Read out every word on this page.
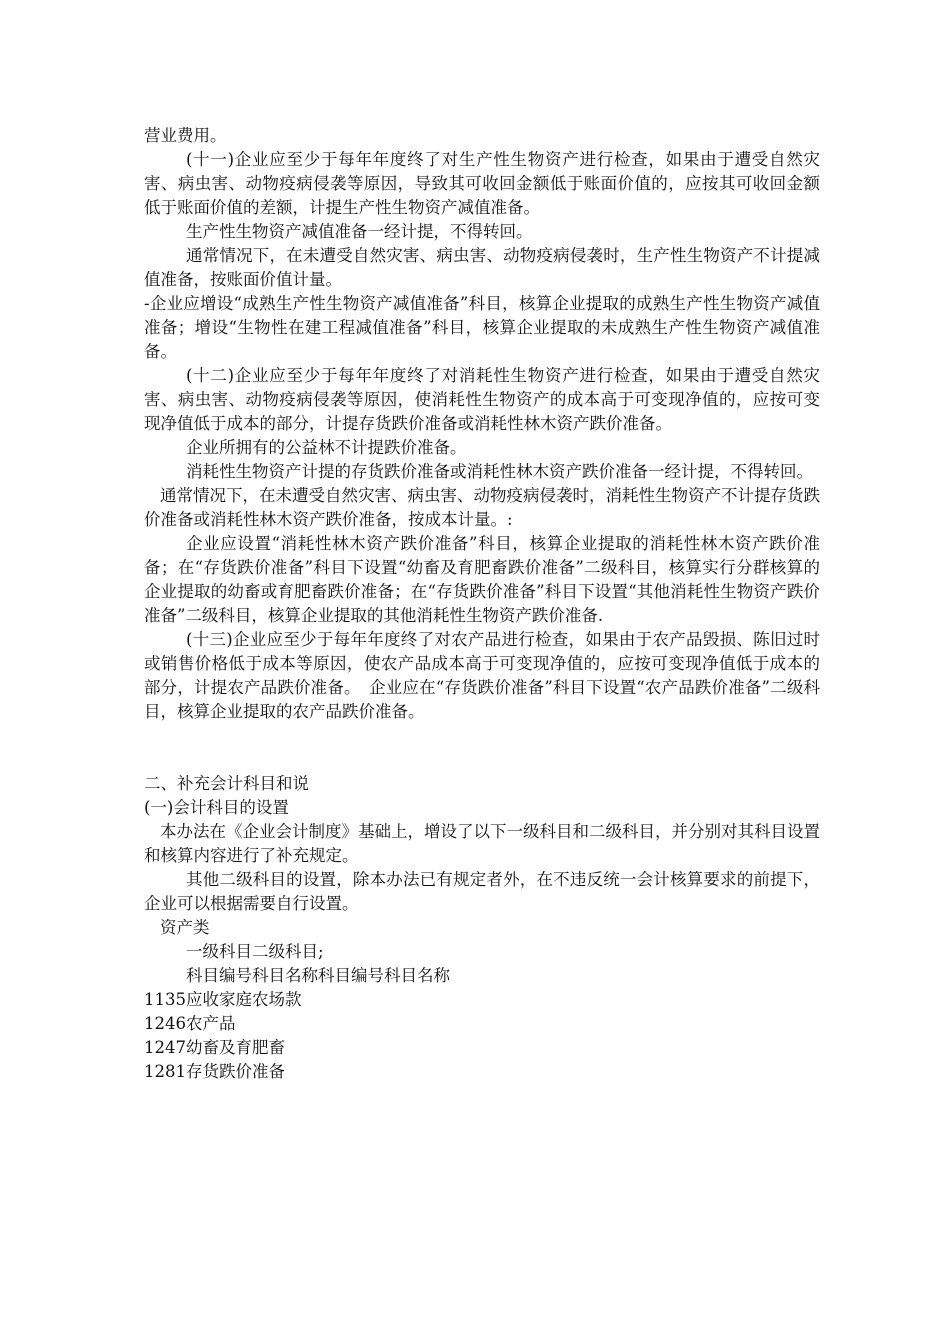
营业费用。

(十一)企业应至少于每年年度终了对生产性生物资产进行检查，如果由于遭受自然灾害、病虫害、动物疫病侵袭等原因，导致其可收回金额低于账面价值的，应按其可收回金额低于账面价值的差额，计提生产性生物资产减值准备。

生产性生物资产减值准备一经计提，不得转回。

通常情况下，在未遭受自然灾害、病虫害、动物疫病侵袭时，生产性生物资产不计提减值准备，按账面价值计量。

-企业应增设“成熟生产性生物资产减值准备”科目，核算企业提取的成熟生产性生物资产减值准备；增设“生物性在建工程减值准备”科目，核算企业提取的未成熟生产性生物资产减值准备。

(十二)企业应至少于每年年度终了对消耗性生物资产进行检查，如果由于遭受自然灾害、病虫害、动物疫病侵袭等原因，使消耗性生物资产的成本高于可变现净值的，应按可变现净值低于成本的部分，计提存货跌价准备或消耗性林木资产跌价准备。

企业所拥有的公益林不计提跌价准备。

消耗性生物资产计提的存货跌价准备或消耗性林木资产跌价准备一经计提，不得转回。

通常情况下，在未遭受自然灾害、病虫害、动物疫病侵袭时，消耗性生物资产不计提存货跌价准备或消耗性林木资产跌价准备，按成本计量。:

企业应设置“消耗性林木资产跌价准备”科目，核算企业提取的消耗性林木资产跌价准备；在“存货跌价准备”科目下设置“幼畜及育肥畜跌价准备”二级科目，核算实行分群核算的企业提取的幼畜或育肥畜跌价准备；在“存货跌价准备”科目下设置“其他消耗性生物资产跌价准备”二级科目，核算企业提取的其他消耗性生物资产跌价准备.

(十三)企业应至少于每年年度终了对农产品进行检查，如果由于农产品毁损、陈旧过时或销售价格低于成本等原因，使农产品成本高于可变现净值的，应按可变现净值低于成本的部分，计提农产品跌价准备。　企业应在“存货跌价准备”科目下设置“农产品跌价准备”二级科目，核算企业提取的农产品跌价准备。

二、补充会计科目和说

(一)会计科目的设置

本办法在《企业会计制度》基础上，增设了以下一级科目和二级科目，并分别对其科目设置和核算内容进行了补充规定。

其他二级科目的设置，除本办法已有规定者外，在不违反统一会计核算要求的前提下，企业可以根据需要自行设置。

资产类

一级科目二级科目;

科目编号科目名称科目编号科目名称

1135应收家庭农场款

1246农产品

1247幼畜及育肥畜

1281存货跌价准备
